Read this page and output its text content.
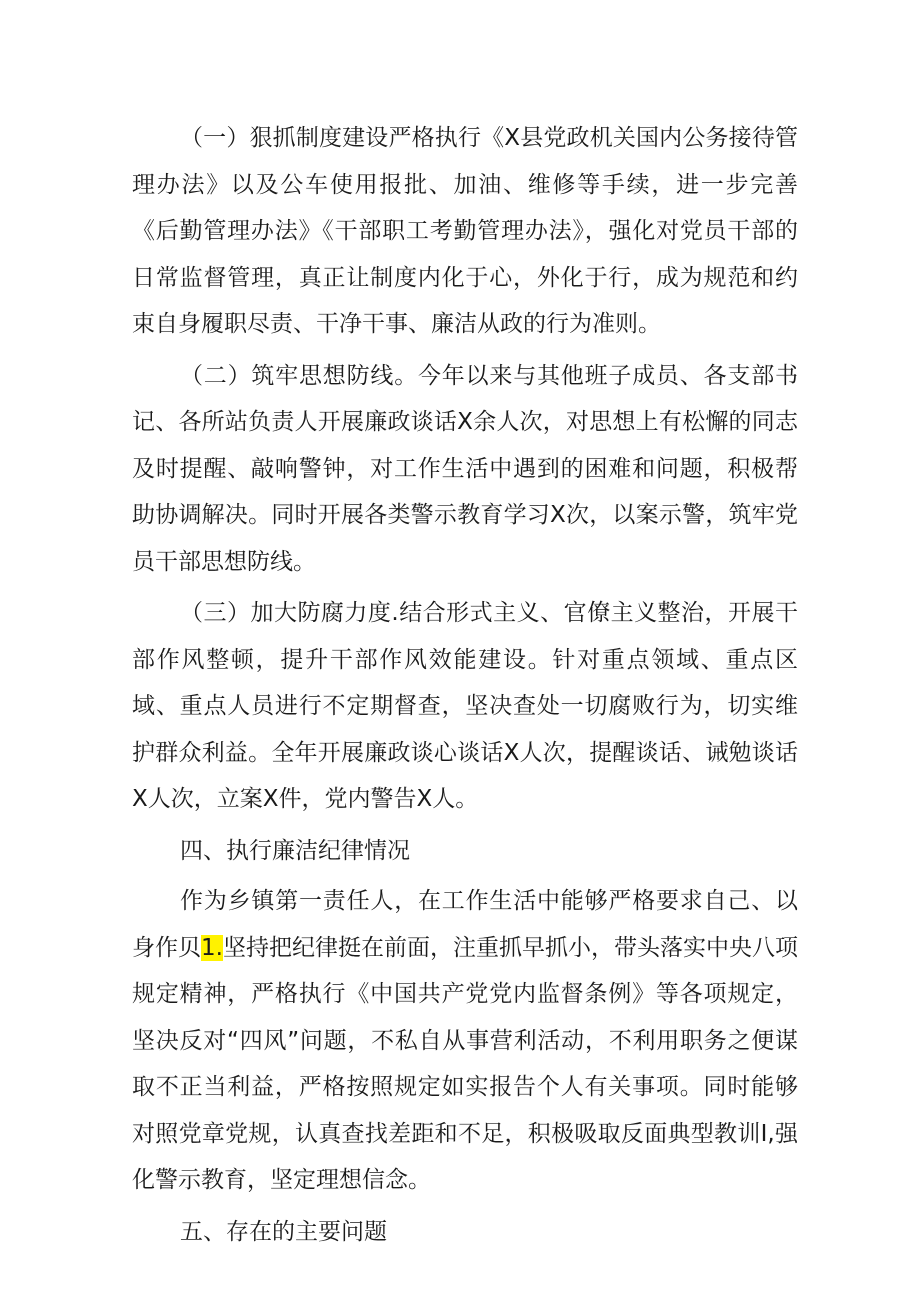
（一）狠抓制度建设严格执行《X县党政机关国内公务接待管理办法》以及公车使用报批、加油、维修等手续，进一步完善《后勤管理办法》《干部职工考勤管理办法》，强化对党员干部的日常监督管理，真正让制度内化于心，外化于行，成为规范和约束自身履职尽责、干净干事、廉洁从政的行为准则。

（二）筑牢思想防线。今年以来与其他班子成员、各支部书记、各所站负责人开展廉政谈话X余人次，对思想上有松懈的同志及时提醒、敲响警钟，对工作生活中遇到的困难和问题，积极帮助协调解决。同时开展各类警示教育学习X次，以案示警，筑牢党员干部思想防线。

（三）加大防腐力度.结合形式主义、官僚主义整治，开展干部作风整顿，提升干部作风效能建设。针对重点领域、重点区域、重点人员进行不定期督查，坚决查处一切腐败行为，切实维护群众利益。全年开展廉政谈心谈话X人次，提醒谈话、诫勉谈话X人次，立案X件，党内警告X人。

四、执行廉洁纪律情况

作为乡镇第一责任人，在工作生活中能够严格要求自己、以身作贝1.坚持把纪律挺在前面，注重抓早抓小，带头落实中央八项规定精神，严格执行《中国共产党党内监督条例》等各项规定，坚决反对“四风”问题，不私自从事营利活动，不利用职务之便谋取不正当利益，严格按照规定如实报告个人有关事项。同时能够对照党章党规，认真查找差距和不足，积极吸取反面典型教训I,强化警示教育，坚定理想信念。

五、存在的主要问题
